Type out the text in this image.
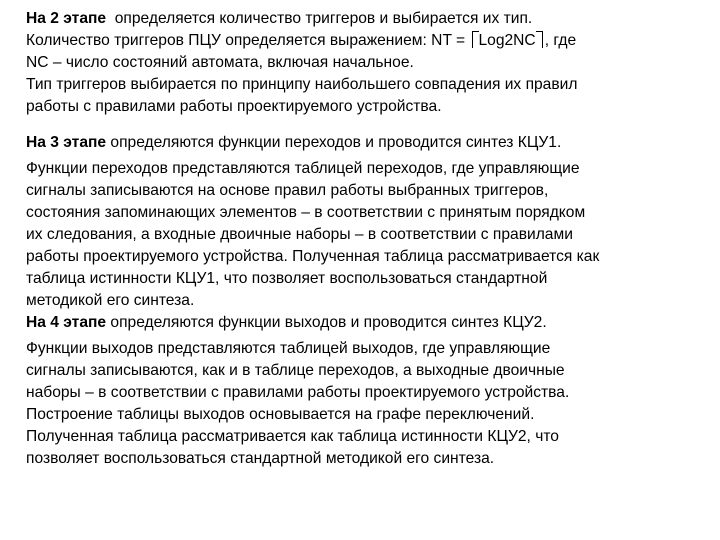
На 2 этапе  определяется количество триггеров и выбирается их тип.
Количество триггеров ПЦУ определяется выражением: NT = Log2NC , где
NC – число состояний автомата, включая начальное.
Тип триггеров выбирается по принципу наибольшего совпадения их правил
работы с правилами работы проектируемого устройства.
На 3 этапе определяются функции переходов и проводится синтез КЦУ1.
Функции переходов представляются таблицей переходов, где управляющие
сигналы записываются на основе правил работы выбранных триггеров,
состояния запоминающих элементов – в соответствии с принятым порядком
их следования, а входные двоичные наборы – в соответствии с правилами
работы проектируемого устройства. Полученная таблица рассматривается как
таблица истинности КЦУ1, что позволяет воспользоваться стандартной
методикой его синтеза.
На 4 этапе определяются функции выходов и проводится синтез КЦУ2.
Функции выходов представляются таблицей выходов, где управляющие
сигналы записываются, как и в таблице переходов, а выходные двоичные
наборы – в соответствии с правилами работы проектируемого устройства.
Построение таблицы выходов основывается на графе переключений.
Полученная таблица рассматривается как таблица истинности КЦУ2, что
позволяет воспользоваться стандартной методикой его синтеза.
